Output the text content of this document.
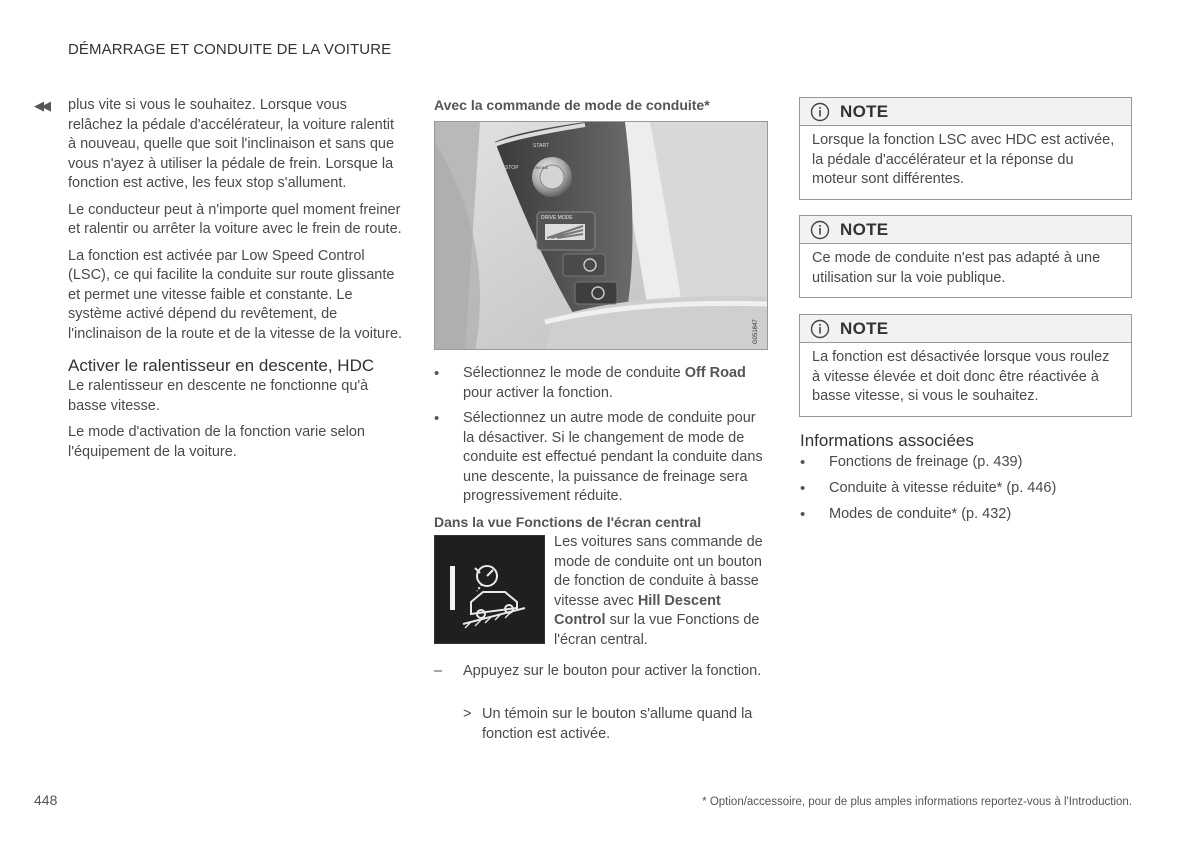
DÉMARRAGE ET CONDUITE DE LA VOITURE
◀◀ plus vite si vous le souhaitez. Lorsque vous relâchez la pédale d'accélérateur, la voiture ralentit à nouveau, quelle que soit l'inclinaison et sans que vous n'ayez à utiliser la pédale de frein. Lorsque la fonction est active, les feux stop s'allument.

Le conducteur peut à n'importe quel moment freiner et ralentir ou arrêter la voiture avec le frein de route.

La fonction est activée par Low Speed Control (LSC), ce qui facilite la conduite sur route glissante et permet une vitesse faible et constante. Le système activé dépend du revêtement, de l'inclinaison de la route et de la vitesse de la voiture.

Activer le ralentisseur en descente, HDC

Le ralentisseur en descente ne fonctionne qu'à basse vitesse.

Le mode d'activation de la fonction varie selon l'équipement de la voiture.

Avec la commande de mode de conduite*
STOP
START
ENGINE
DRIVE MODE
G051847
• Sélectionnez le mode de conduite Off Road pour activer la fonction.
• Sélectionnez un autre mode de conduite pour la désactiver. Si le changement de mode de conduite est effectué pendant la conduite dans une descente, la puissance de freinage sera progressivement réduite.
Dans la vue Fonctions de l'écran central
Les voitures sans commande de mode de conduite ont un bouton de fonction de conduite à basse vitesse avec Hill Descent Control sur la vue Fonctions de l'écran central.
–	Appuyez sur le bouton pour activer la fonction.
> Un témoin sur le bouton s'allume quand la fonction est activée.
NOTE
Lorsque la fonction LSC avec HDC est activée, la pédale d'accélérateur et la réponse du moteur sont différentes.
NOTE
Ce mode de conduite n'est pas adapté à une utilisation sur la voie publique.
NOTE
La fonction est désactivée lorsque vous roulez à vitesse élevée et doit donc être réactivée à basse vitesse, si vous le souhaitez.
Informations associées
• Fonctions de freinage (p. 439)
• Conduite à vitesse réduite* (p. 446)
• Modes de conduite* (p. 432)
448	* Option/accessoire, pour de plus amples informations reportez-vous à l'Introduction.
